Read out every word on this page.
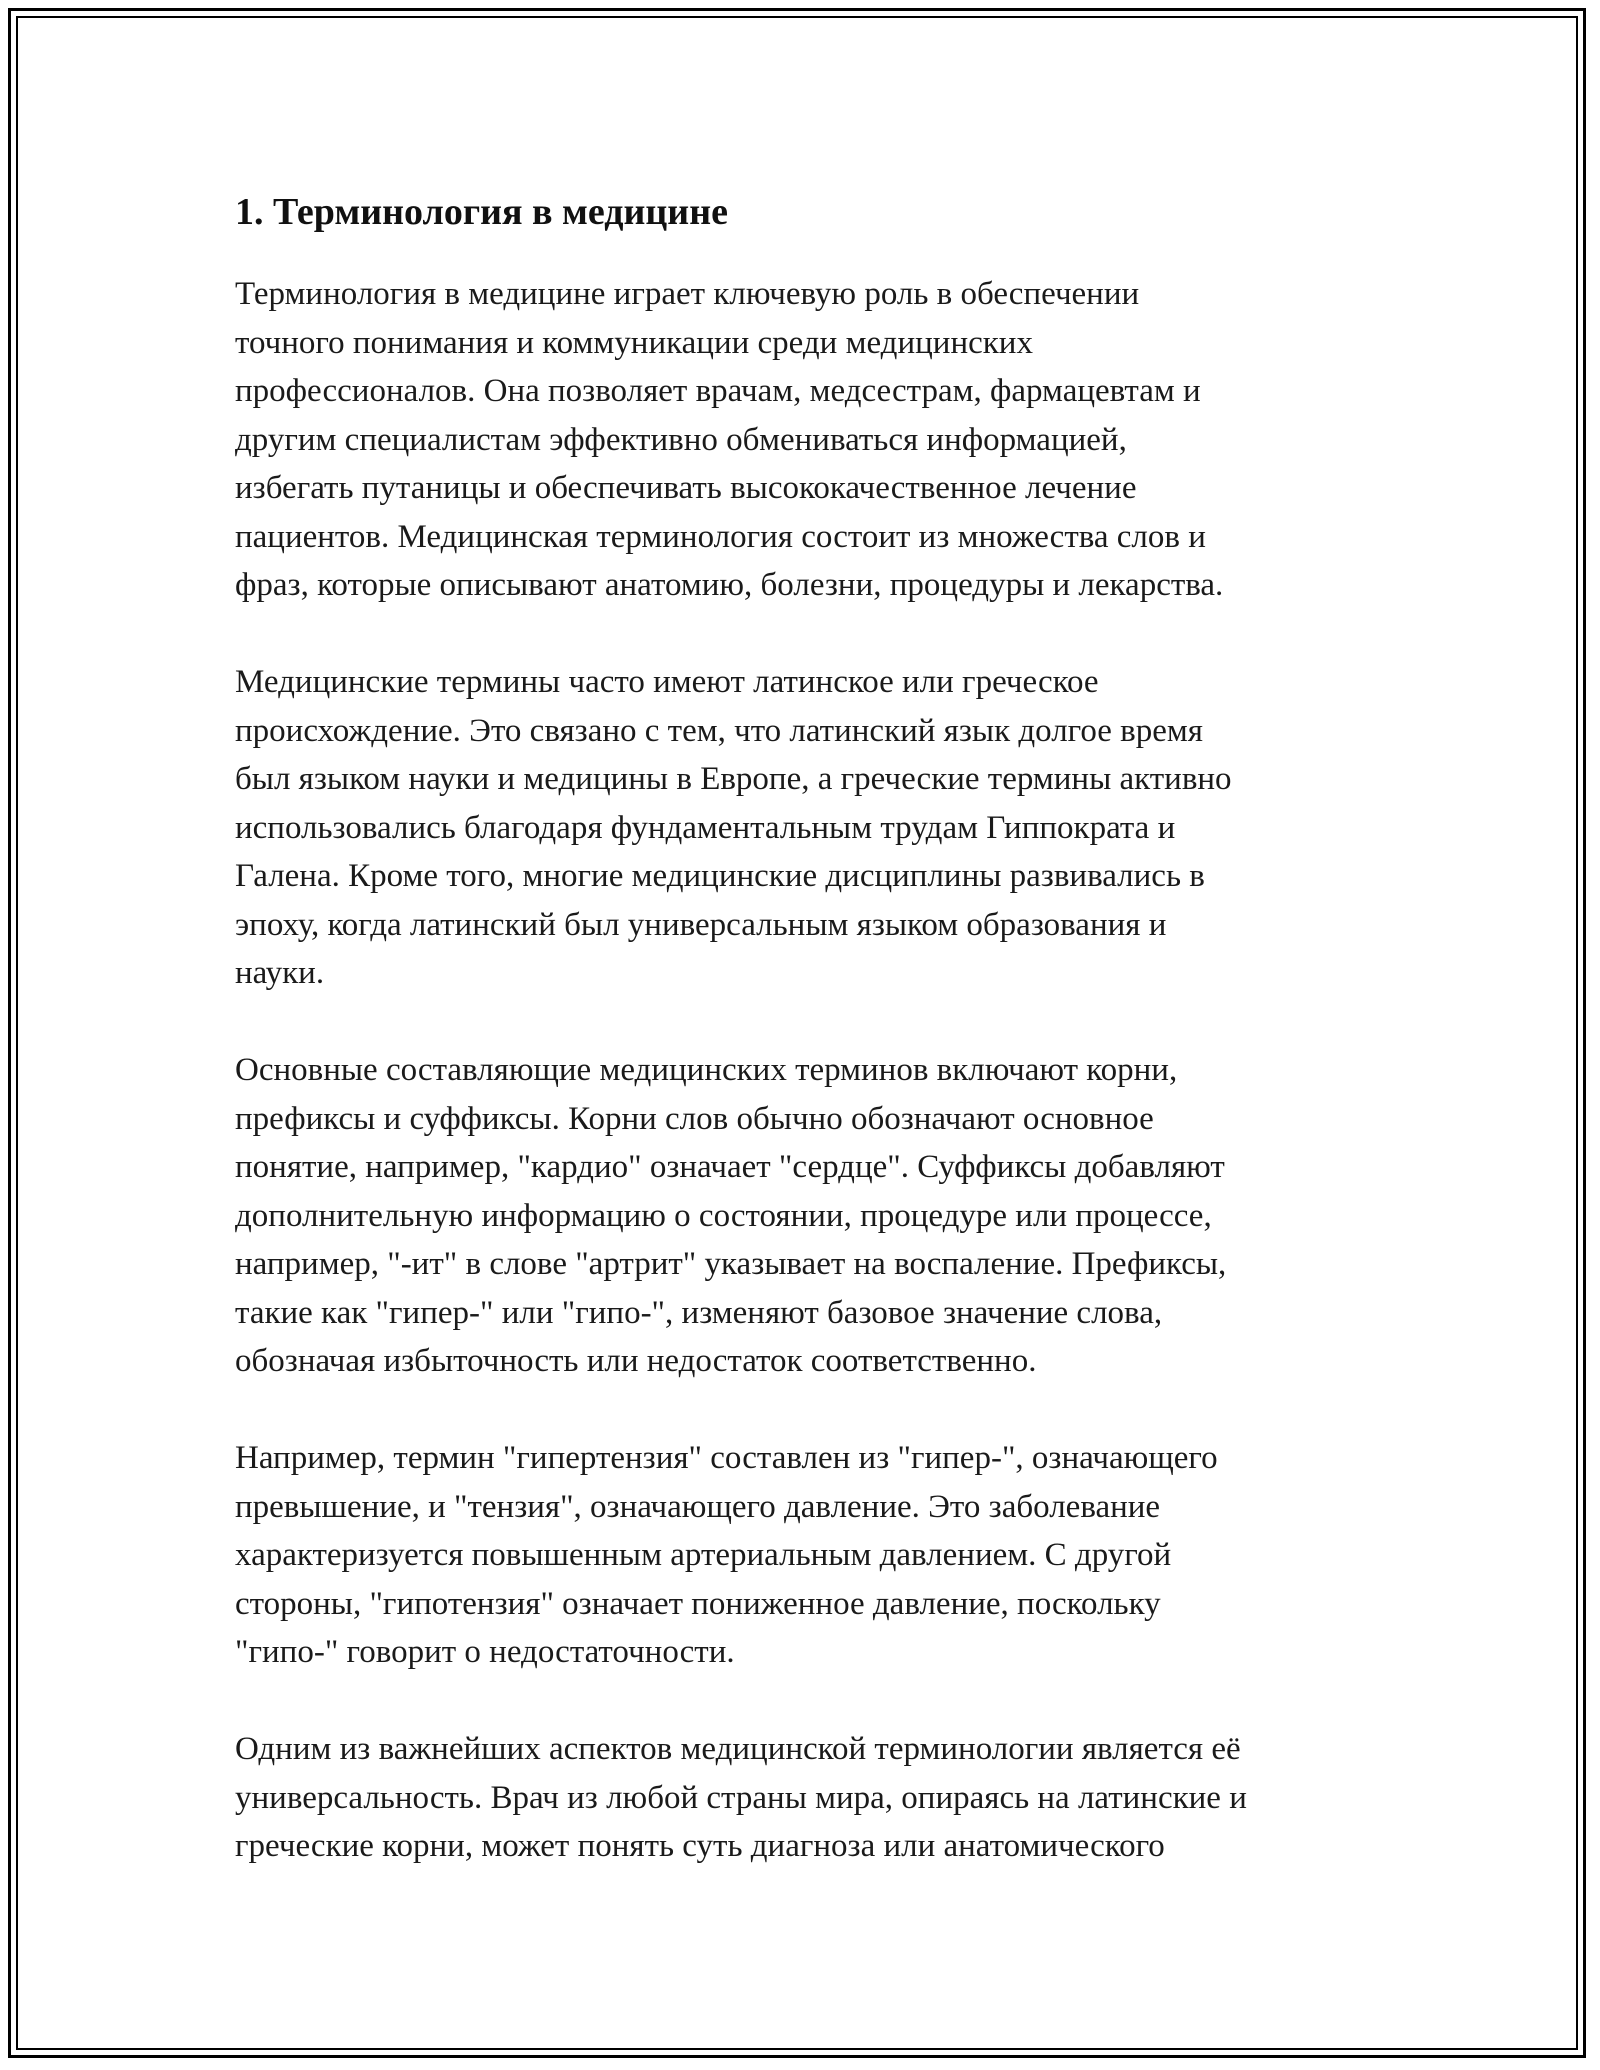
1. Терминология в медицине

Терминология в медицине играет ключевую роль в обеспечении
точного понимания и коммуникации среди медицинских
профессионалов. Она позволяет врачам, медсестрам, фармацевтам и
другим специалистам эффективно обмениваться информацией,
избегать путаницы и обеспечивать высококачественное лечение
пациентов. Медицинская терминология состоит из множества слов и
фраз, которые описывают анатомию, болезни, процедуры и лекарства.

Медицинские термины часто имеют латинское или греческое
происхождение. Это связано с тем, что латинский язык долгое время
был языком науки и медицины в Европе, а греческие термины активно
использовались благодаря фундаментальным трудам Гиппократа и
Галена. Кроме того, многие медицинские дисциплины развивались в
эпоху, когда латинский был универсальным языком образования и
науки.

Основные составляющие медицинских терминов включают корни,
префиксы и суффиксы. Корни слов обычно обозначают основное
понятие, например, "кардио" означает "сердце". Суффиксы добавляют
дополнительную информацию о состоянии, процедуре или процессе,
например, "-ит" в слове "артрит" указывает на воспаление. Префиксы,
такие как "гипер-" или "гипо-", изменяют базовое значение слова,
обозначая избыточность или недостаток соответственно.

Например, термин "гипертензия" составлен из "гипер-", означающего
превышение, и "тензия", означающего давление. Это заболевание
характеризуется повышенным артериальным давлением. С другой
стороны, "гипотензия" означает пониженное давление, поскольку
"гипо-" говорит о недостаточности.

Одним из важнейших аспектов медицинской терминологии является её
универсальность. Врач из любой страны мира, опираясь на латинские и
греческие корни, может понять суть диагноза или анатомического
